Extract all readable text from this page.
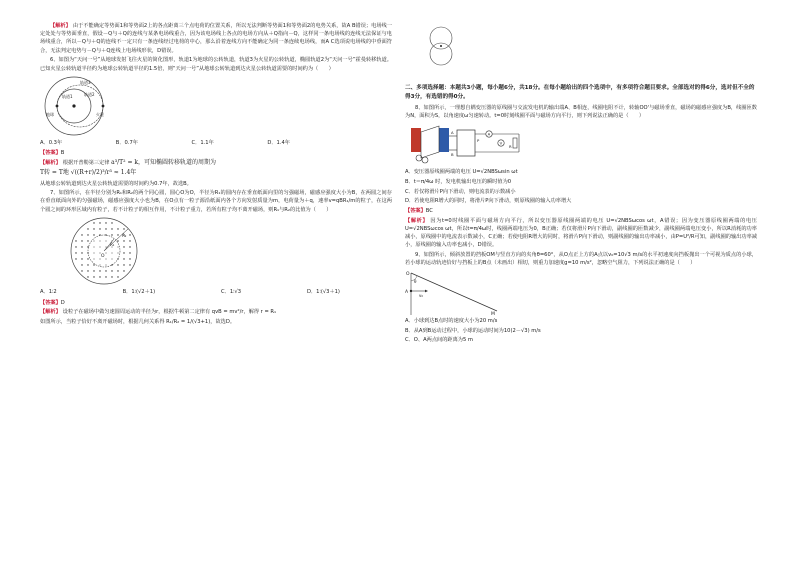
【解析】 由于不能确定等势面1和等势面2上的各点距离三个点电荷的位置关系，所以无法判断等势面1和等势面2的电势关系，故A B错误；电场线一定处处与等势面垂直，假设－Q与＋Q的连线与某条电场线重合，因为该电场线上各点的电场方向从＋Q指向－Q，这样同一条电场线的连线无法保证与电场线重合，所以－Q与＋Q的连线不一定只有一条连线经过电荷的中心，那么沿着连线方向不能确定为同一条连续电场线，而A C选项说电场线的中垂面符合，无法判定电势与－Q与＋Q连线上电场线形状，D错误。

6、如图为“天问一号”从地球发射飞往火星的简化图形，轨道1为地球的公转轨道，轨道3为火星的公转轨道，椭圆轨道2为“天问一号”霍曼转移轨道。已知火星公转轨道半径约为地球公转轨道半径的1.5倍，则“天问一号”从地球公转轨道到达火星公转轨道需要的时间约为（　　）

轨道3
轨道2
轨道1
火星
地球
A．0.3年	B．0.7年	C．1.1年	D．1.4年

【答案】B

【解析】 根据开普勒第三定律 a³/T² = k，可知椭圆转移轨道的周期为

T转 = T地 √((R+r)/2)³/r³ ≈ 1.4年

从地球公转轨道到达火星公转轨道需要的时间约为0.7年，故选B。

7、如图所示，在半径分别为R₁和R₂的两个同心圆，圆心O为O，半径为R₁的圆内存在垂直纸面向里的匀强磁场，磁感应强度大小为B，在两圆之间存在垂直纸面向外的匀强磁场，磁感应强度大小也为B，在O点有一粒子源沿纸面内各个方向发射质量为m，电荷量为＋q，速率v=qBR₁/m的粒子，在这两个圆之间的环形区域内有粒子，若不计粒子的相互作用，不计粒子重力，若所有粒子均不离开磁场，则R₁与R₂的比值为（　　）

O
R₁
R₂
A．1∶2	B．1∶(√2＋1)	C．1∶√3	D．1∶(√3＋1)

【答案】D

【解析】 设粒子在磁场中做匀速圆周运动的半径为r，根据牛顿第二定律有 qvB = mv²/r，解得 r = R₁

如图所示，当粒子恰好不离开磁场时，根据几何关系得 R₁/R₂ = 1/(√3+1)，故选D。

二、多项选择题：本题共3小题，每小题6分，共18分。在每小题给出的四个选项中，有多项符合题目要求。全部选对的得6分，选对但不全的得3分，有选错的得0分。

8、如图所示，一理想自耦变压器的原线圈与交流发电机的输出端A、B相连，线圈电阻不计，转轴OO'与磁场垂直，磁场的磁感应强度为B，线圈匝数为N，面积为S，以角速度ω匀速转动。t=0时刻线圈平面与磁场方向平行，则下列说法正确的是（　　）

A
V
R
P
A
B

A．变压器原线圈两端的电压 U=√2NBSωsin ωt

B．t＝π/4ω 时，发电机输出电压的瞬时值为0

C．若仅将滑片P向下滑动，则电流表的示数减小

D．若使电阻R增大的同时，将滑片P向下滑动，则原线圈的输入功率增大

【答案】BC

【解析】 因为t=0时线圈平面与磁场方向平行，所以变压器原线圈两端的电压 U=√2NBSωcos ωt，A错误；因为变压器原线圈两端的电压 U=√2NBSωcos ωt，所以t=π/4ω时，线圈两端电压为0，B正确；若仅将滑片P向下滑动，副线圈的匝数减少，副线圈两端电压变小，所以R消耗的功率减小，原线圈中的电流表示数减小，C正确；若使电阻R增大的同时，将滑片P向下滑动，则副线圈的输出功率减小，由P=U²/R可知，副线圈的输出功率减小，原线圈的输入功率也减小，D错误。

9、如图所示，倾斜放置的挡板OM与竖直方向的夹角θ=60°，从O点正上方的A点以v₀=10√3 m/s的水平初速度向挡板抛出一个可视为质点的小球，若小球的运动轨迹恰好与挡板上的B点（未画出）相切，则重力加速度g=10 m/s²，忽略空气阻力，下列说法正确的是（　　）

O
A
v₀
θ
M

A．小球到达B点时的速度大小为20 m/s

B．从A到B运动过程中，小球的运动时间为10(2－√3) m/s

C．O、A两点间的距离为5 m
